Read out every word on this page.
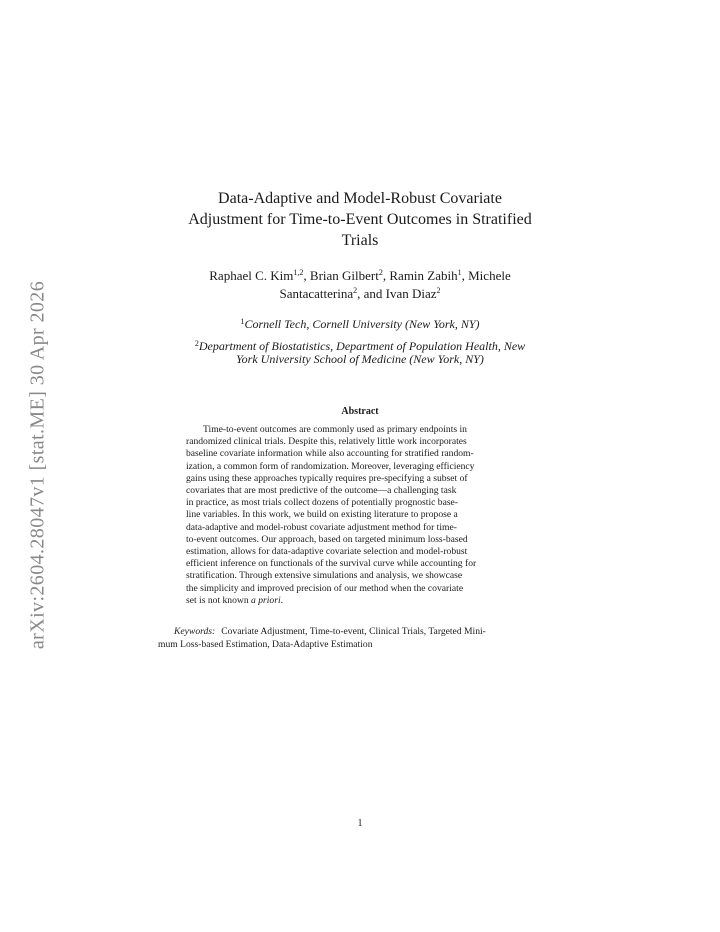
arXiv:2604.28047v1 [stat.ME] 30 Apr 2026
Data-Adaptive and Model-Robust Covariate
Adjustment for Time-to-Event Outcomes in Stratified
Trials
Raphael C. Kim$^{1,2}$, Brian Gilbert$^2$, Ramin Zabih$^1$, Michele
Santacatterina$^2$, and Ivan Diaz$^2$
$^1$Cornell Tech, Cornell University (New York, NY)
$^2$Department of Biostatistics, Department of Population Health, New
York University School of Medicine (New York, NY)
Abstract
Time-to-event outcomes are commonly used as primary endpoints in
randomized clinical trials. Despite this, relatively little work incorporates
baseline covariate information while also accounting for stratified random-
ization, a common form of randomization. Moreover, leveraging efficiency
gains using these approaches typically requires pre-specifying a subset of
covariates that are most predictive of the outcome—a challenging task
in practice, as most trials collect dozens of potentially prognostic base-
line variables. In this work, we build on existing literature to propose a
data-adaptive and model-robust covariate adjustment method for time-
to-event outcomes. Our approach, based on targeted minimum loss-based
estimation, allows for data-adaptive covariate selection and model-robust
efficient inference on functionals of the survival curve while accounting for
stratification. Through extensive simulations and analysis, we showcase
the simplicity and improved precision of our method when the covariate
set is not known a priori.
Keywords: Covariate Adjustment, Time-to-event, Clinical Trials, Targeted Mini-
mum Loss-based Estimation, Data-Adaptive Estimation
1
